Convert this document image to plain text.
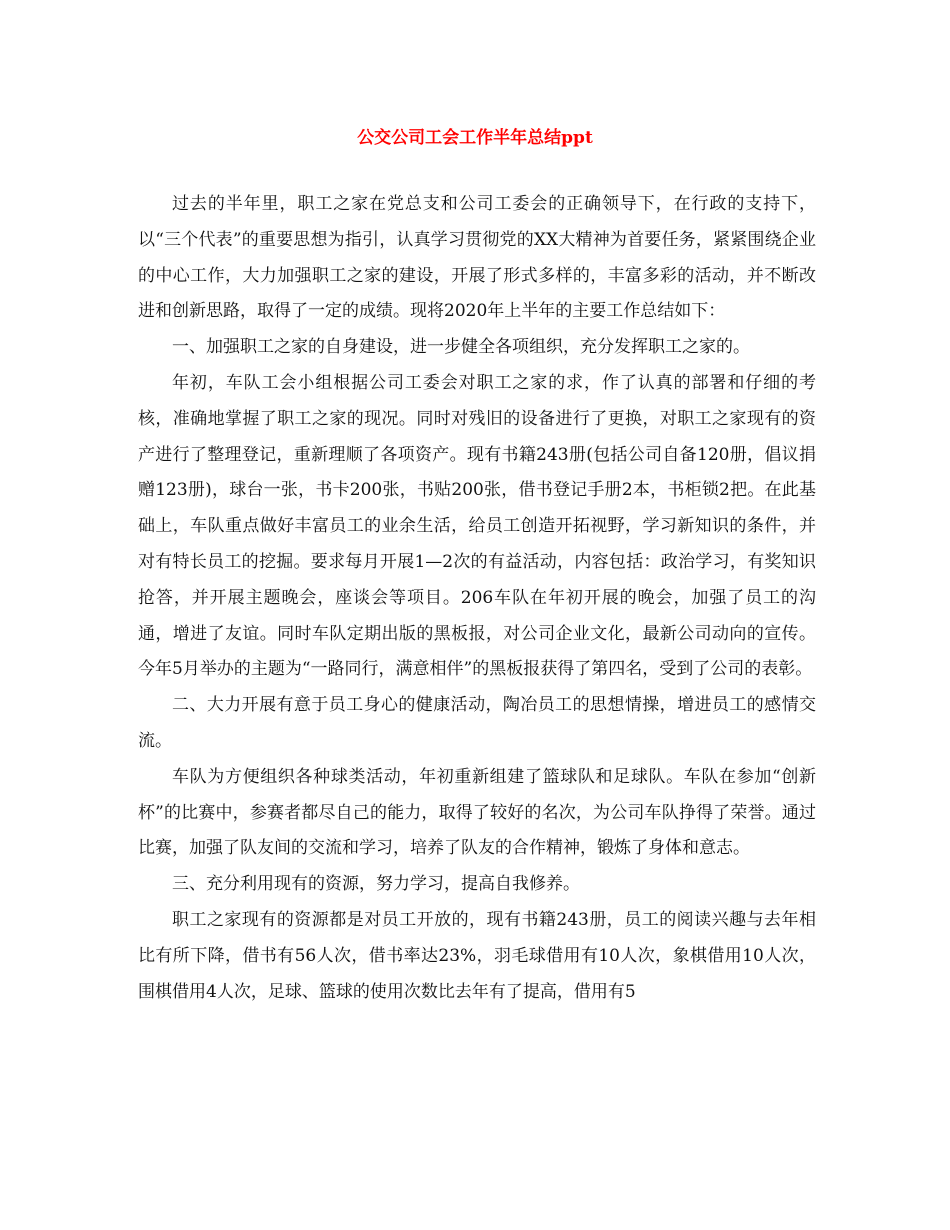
公交公司工会工作半年总结ppt

过去的半年里，职工之家在党总支和公司工委会的正确领导下，在行政的支持下，以“三个代表”的重要思想为指引，认真学习贯彻党的XX大精神为首要任务，紧紧围绕企业的中心工作，大力加强职工之家的建设，开展了形式多样的，丰富多彩的活动，并不断改进和创新思路，取得了一定的成绩。现将2020年上半年的主要工作总结如下：

一、加强职工之家的自身建设，进一步健全各项组织，充分发挥职工之家的。

年初，车队工会小组根据公司工委会对职工之家的求，作了认真的部署和仔细的考核，准确地掌握了职工之家的现况。同时对残旧的设备进行了更换，对职工之家现有的资产进行了整理登记，重新理顺了各项资产。现有书籍243册(包括公司自备120册，倡议捐赠123册)，球台一张，书卡200张，书贴200张，借书登记手册2本，书柜锁2把。在此基础上，车队重点做好丰富员工的业余生活，给员工创造开拓视野，学习新知识的条件，并对有特长员工的挖掘。要求每月开展1—2次的有益活动，内容包括：政治学习，有奖知识抢答，并开展主题晚会，座谈会等项目。206车队在年初开展的晚会，加强了员工的沟通，增进了友谊。同时车队定期出版的黑板报，对公司企业文化，最新公司动向的宣传。今年5月举办的主题为“一路同行，满意相伴”的黑板报获得了第四名，受到了公司的表彰。

二、大力开展有意于员工身心的健康活动，陶冶员工的思想情操，增进员工的感情交流。

车队为方便组织各种球类活动，年初重新组建了篮球队和足球队。车队在参加“创新杯”的比赛中，参赛者都尽自己的能力，取得了较好的名次，为公司车队挣得了荣誉。通过比赛，加强了队友间的交流和学习，培养了队友的合作精神，锻炼了身体和意志。

三、充分利用现有的资源，努力学习，提高自我修养。

职工之家现有的资源都是对员工开放的，现有书籍243册，员工的阅读兴趣与去年相比有所下降，借书有56人次，借书率达23%，羽毛球借用有10人次，象棋借用10人次，围棋借用4人次，足球、篮球的使用次数比去年有了提高，借用有5
